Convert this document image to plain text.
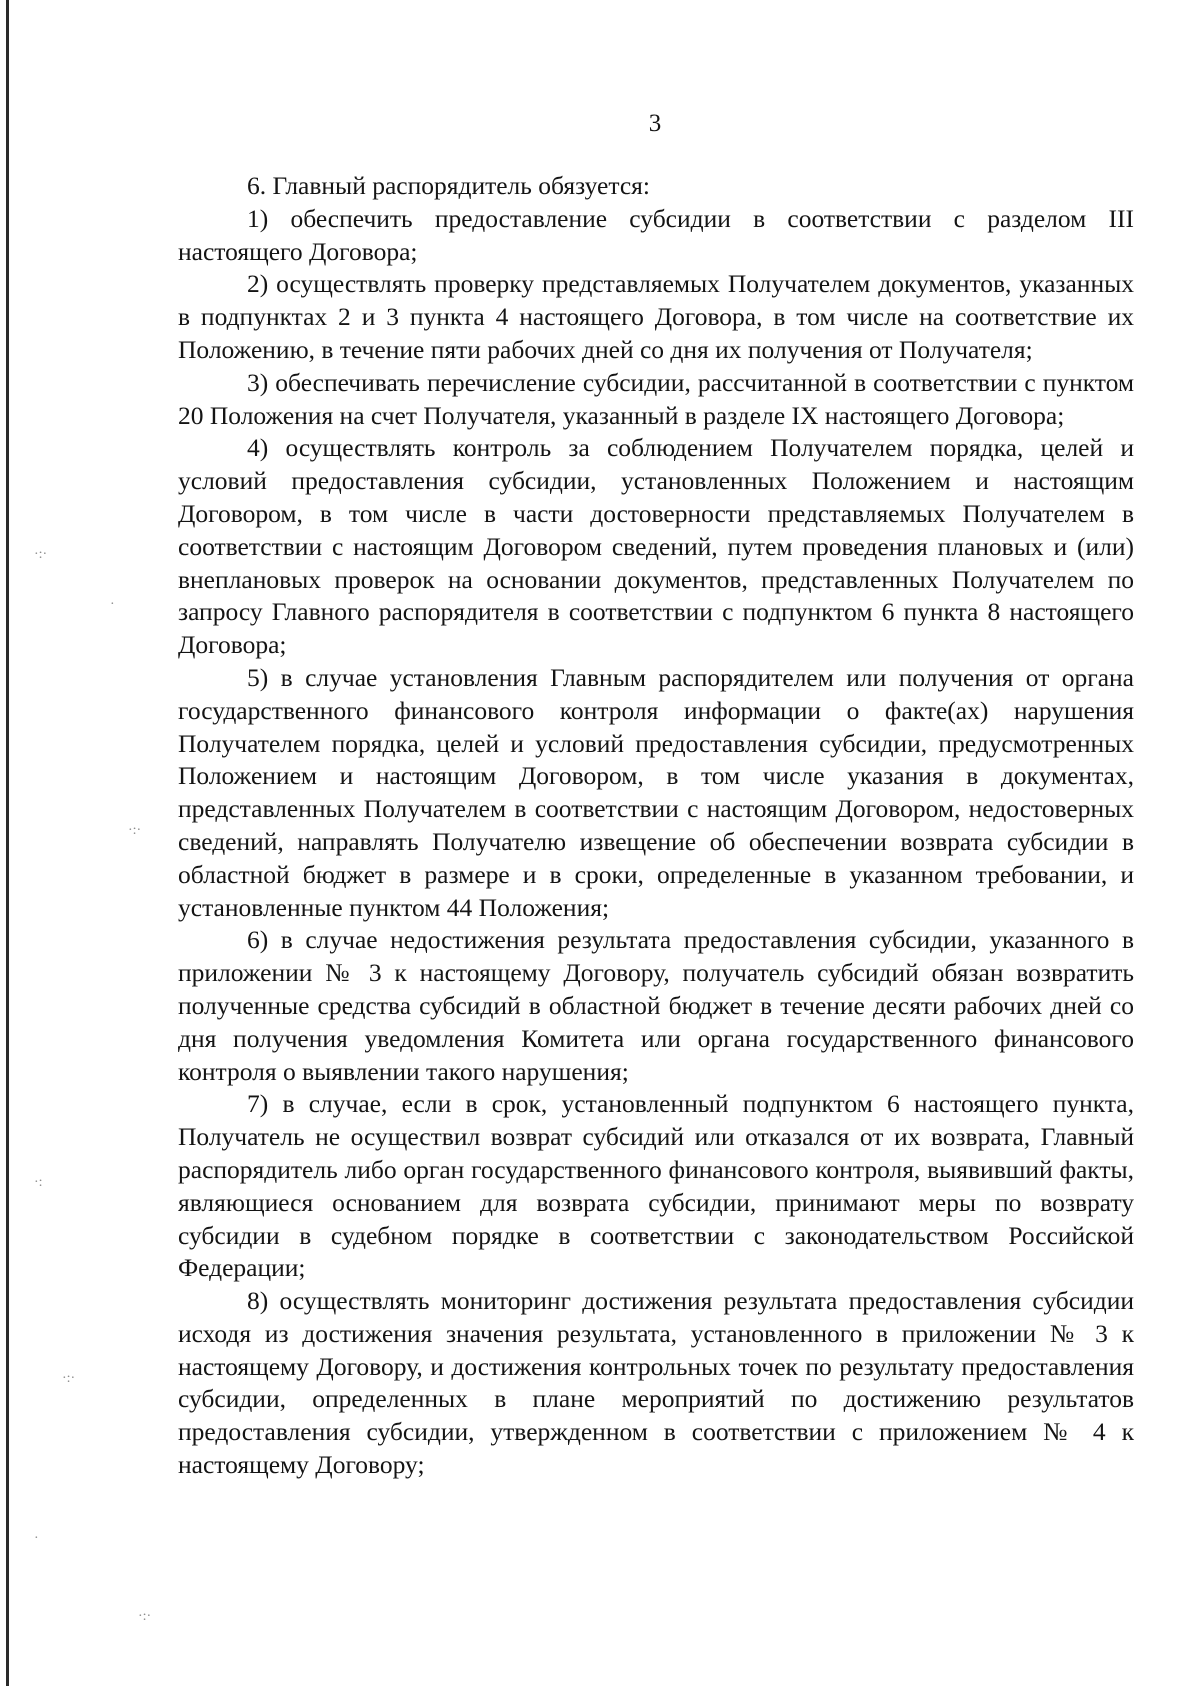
·:·
·
·:·
·:
·:·
·
·:·
3

6. Главный распорядитель обязуется:

1) обеспечить предоставление субсидии в соответствии с разделом III настоящего Договора;

2) осуществлять проверку представляемых Получателем документов, указанных в подпунктах 2 и 3 пункта 4 настоящего Договора, в том числе на соответствие их Положению, в течение пяти рабочих дней со дня их получения от Получателя;

3) обеспечивать перечисление субсидии, рассчитанной в соответствии с пунктом 20 Положения на счет Получателя, указанный в разделе IX настоящего Договора;

4) осуществлять контроль за соблюдением Получателем порядка, целей и условий предоставления субсидии, установленных Положением и настоящим Договором, в том числе в части достоверности представляемых Получателем в соответствии с настоящим Договором сведений, путем проведения плановых и (или) внеплановых проверок на основании документов, представленных Получателем по запросу Главного распорядителя в соответствии с подпунктом 6 пункта 8 настоящего Договора;

5) в случае установления Главным распорядителем или получения от органа государственного финансового контроля информации о факте(ах) нарушения Получателем порядка, целей и условий предоставления субсидии, предусмотренных Положением и настоящим Договором, в том числе указания в документах, представленных Получателем в соответствии с настоящим Договором, недостоверных сведений, направлять Получателю извещение об обеспечении возврата субсидии в областной бюджет в размере и в сроки, определенные в указанном требовании, и установленные пунктом 44 Положения;

6) в случае недостижения результата предоставления субсидии, указанного в приложении № 3 к настоящему Договору, получатель субсидий обязан возвратить полученные средства субсидий в областной бюджет в течение десяти рабочих дней со дня получения уведомления Комитета или органа государственного финансового контроля о выявлении такого нарушения;

7) в случае, если в срок, установленный подпунктом 6 настоящего пункта, Получатель не осуществил возврат субсидий или отказался от их возврата, Главный распорядитель либо орган государственного финансового контроля, выявивший факты, являющиеся основанием для возврата субсидии, принимают меры по возврату субсидии в судебном порядке в соответствии с законодательством Российской Федерации;

8) осуществлять мониторинг достижения результата предоставления субсидии исходя из достижения значения результата, установленного в приложении № 3 к настоящему Договору, и достижения контрольных точек по результату предоставления субсидии, определенных в плане мероприятий по достижению результатов предоставления субсидии, утвержденном в соответствии с приложением № 4 к настоящему Договору;
